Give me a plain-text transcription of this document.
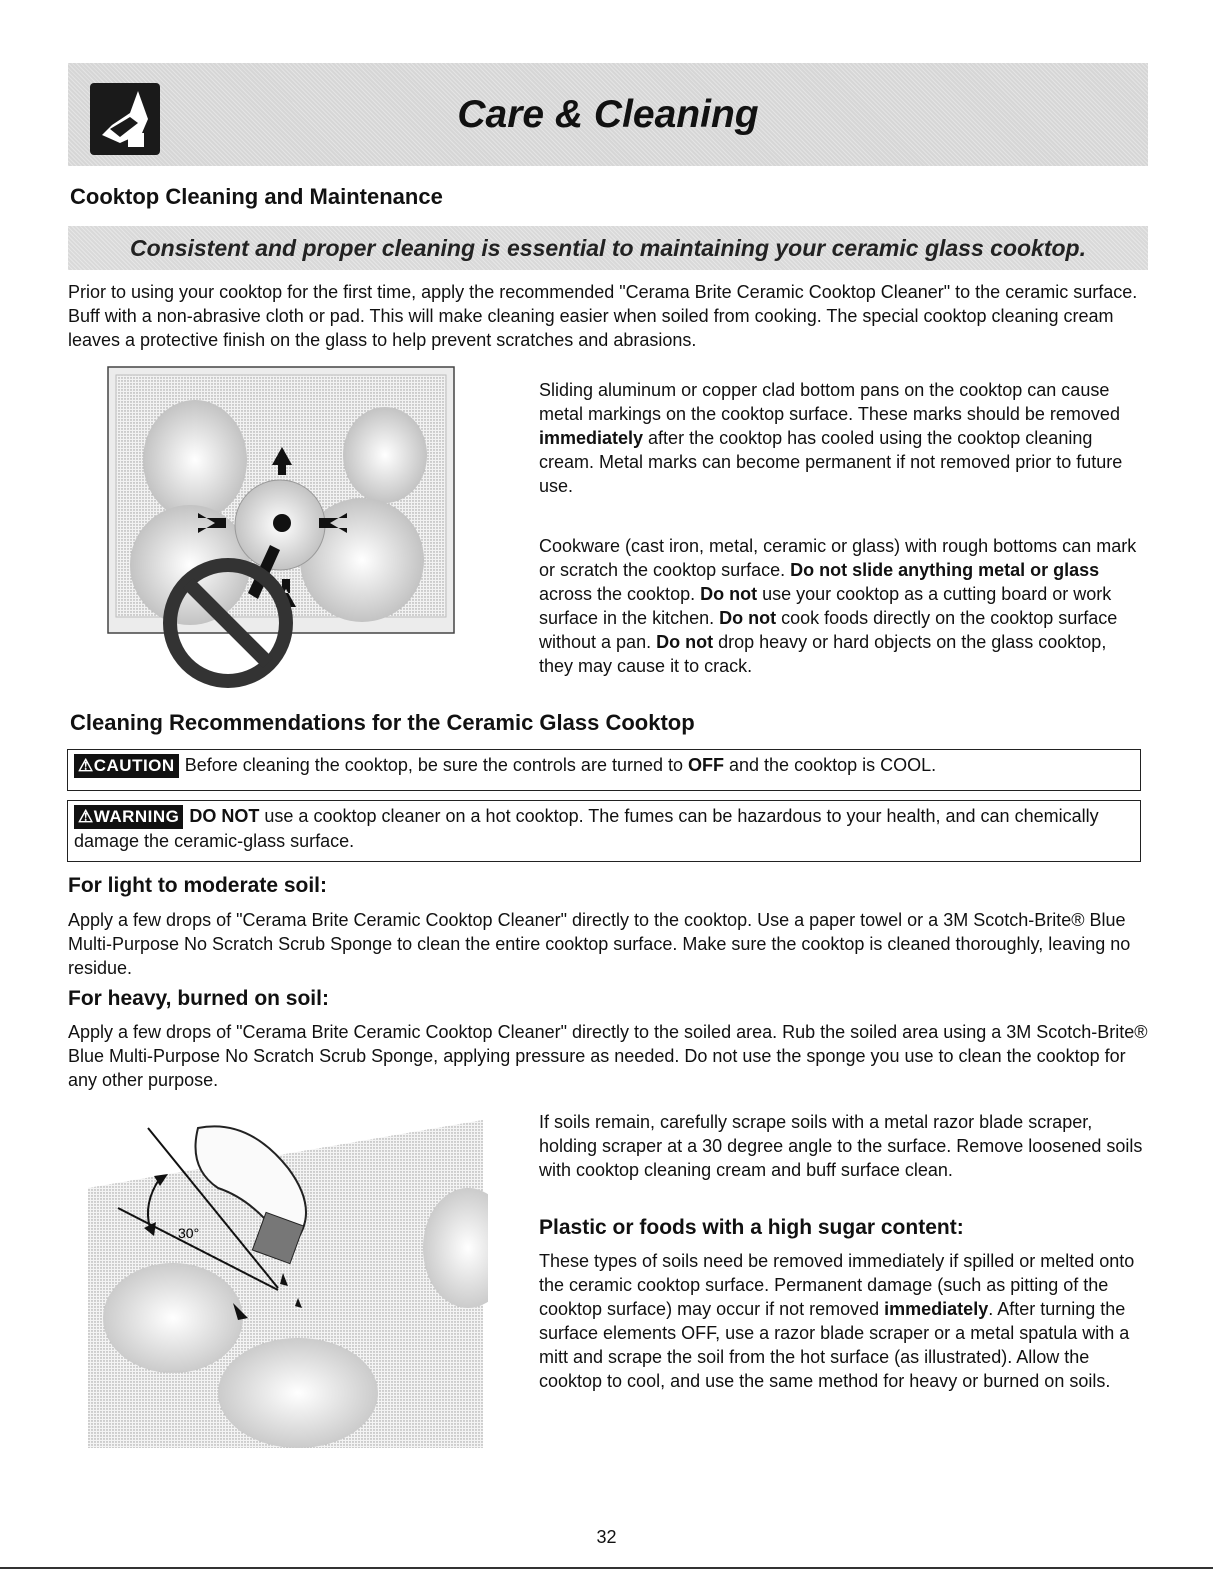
Care & Cleaning
Cooktop Cleaning and Maintenance
Consistent and proper cleaning is essential to maintaining your ceramic glass cooktop.
Prior to using your cooktop for the first time, apply the recommended "Cerama Brite Ceramic Cooktop Cleaner" to the ceramic surface. Buff with a non-abrasive cloth or pad. This will make cleaning easier when soiled from cooking. The special cooktop cleaning cream leaves a protective finish on the glass to help prevent scratches and abrasions.
Sliding aluminum or copper clad bottom pans on the cooktop can cause metal markings on the cooktop surface. These marks should be removed immediately after the cooktop has cooled using the cooktop cleaning cream. Metal marks can become permanent if not removed prior to future use.
Cookware (cast iron, metal, ceramic or glass) with rough bottoms can mark or scratch the cooktop surface. Do not slide anything metal or glass across the cooktop. Do not use your cooktop as a cutting board or work surface in the kitchen. Do not cook foods directly on the cooktop surface without a pan. Do not drop heavy or hard objects on the glass cooktop, they may cause it to crack.
Cleaning Recommendations for the Ceramic Glass Cooktop
⚠CAUTION Before cleaning the cooktop, be sure the controls are turned to OFF and the cooktop is COOL.
⚠WARNING DO NOT use a cooktop cleaner on a hot cooktop. The fumes can be hazardous to your health, and can chemically damage the ceramic-glass surface.
For light to moderate soil:
Apply a few drops of "Cerama Brite Ceramic Cooktop Cleaner" directly to the cooktop. Use a paper towel or a 3M Scotch-Brite® Blue Multi-Purpose No Scratch Scrub Sponge to clean the entire cooktop surface. Make sure the cooktop is cleaned thoroughly, leaving no residue.
For heavy, burned on soil:
Apply a few drops of "Cerama Brite Ceramic Cooktop Cleaner" directly to the soiled area. Rub the soiled area using a 3M Scotch-Brite® Blue Multi-Purpose No Scratch Scrub Sponge, applying pressure as needed. Do not use the sponge you use to clean the cooktop for any other purpose.
30°
If soils remain, carefully scrape soils with a metal razor blade scraper, holding scraper at a 30 degree angle to the surface. Remove loosened soils with cooktop cleaning cream and buff surface clean.
Plastic or foods with a high sugar content:
These types of soils need be removed immediately if spilled or melted onto the ceramic cooktop surface. Permanent damage (such as pitting of the cooktop surface) may occur if not removed immediately. After turning the surface elements OFF, use a razor blade scraper or a metal spatula with a mitt and scrape the soil from the hot surface (as illustrated). Allow the cooktop to cool, and use the same method for heavy or burned on soils.
32
